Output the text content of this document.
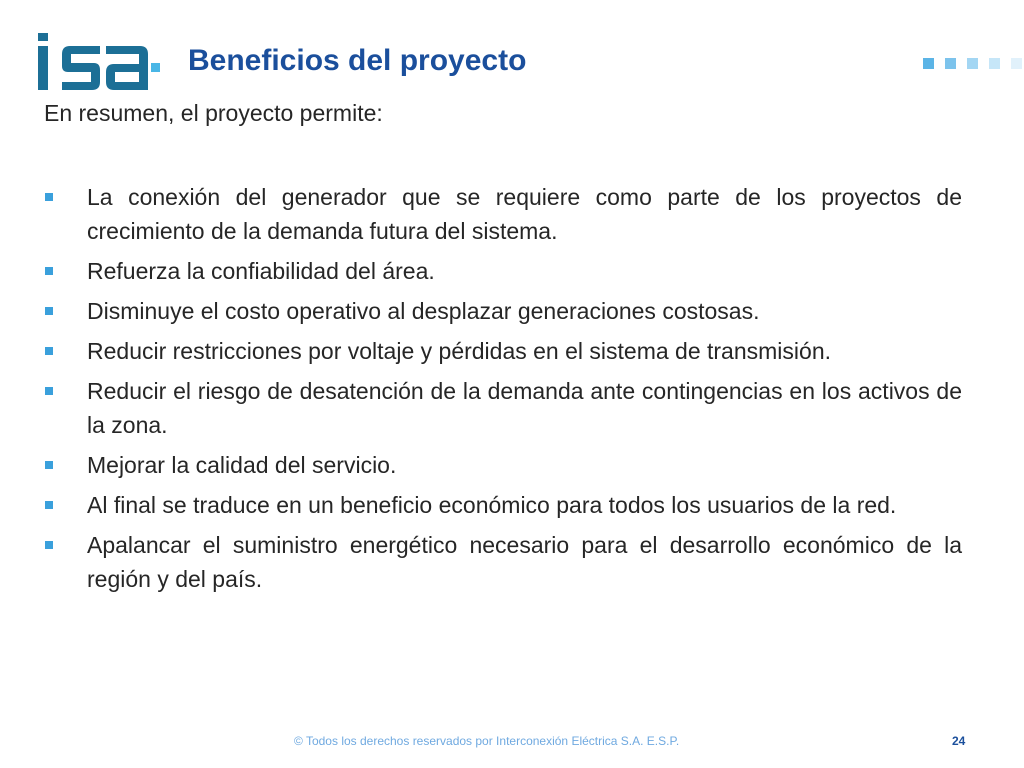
Beneficios del proyecto

En resumen, el proyecto permite:

La conexión del generador que se requiere como parte de los proyectos de crecimiento de la demanda futura del sistema.
Refuerza la confiabilidad del área.
Disminuye el costo operativo al desplazar generaciones costosas.
Reducir restricciones por voltaje y pérdidas en el sistema de transmisión.
Reducir el riesgo de desatención de la demanda ante contingencias en los activos de la zona.
Mejorar la calidad del servicio.
Al final se traduce en un beneficio económico para todos los usuarios de la red.
Apalancar el suministro energético necesario para el desarrollo económico de la región y del país.

© Todos los derechos reservados por Interconexión Eléctrica S.A. E.S.P.	24
